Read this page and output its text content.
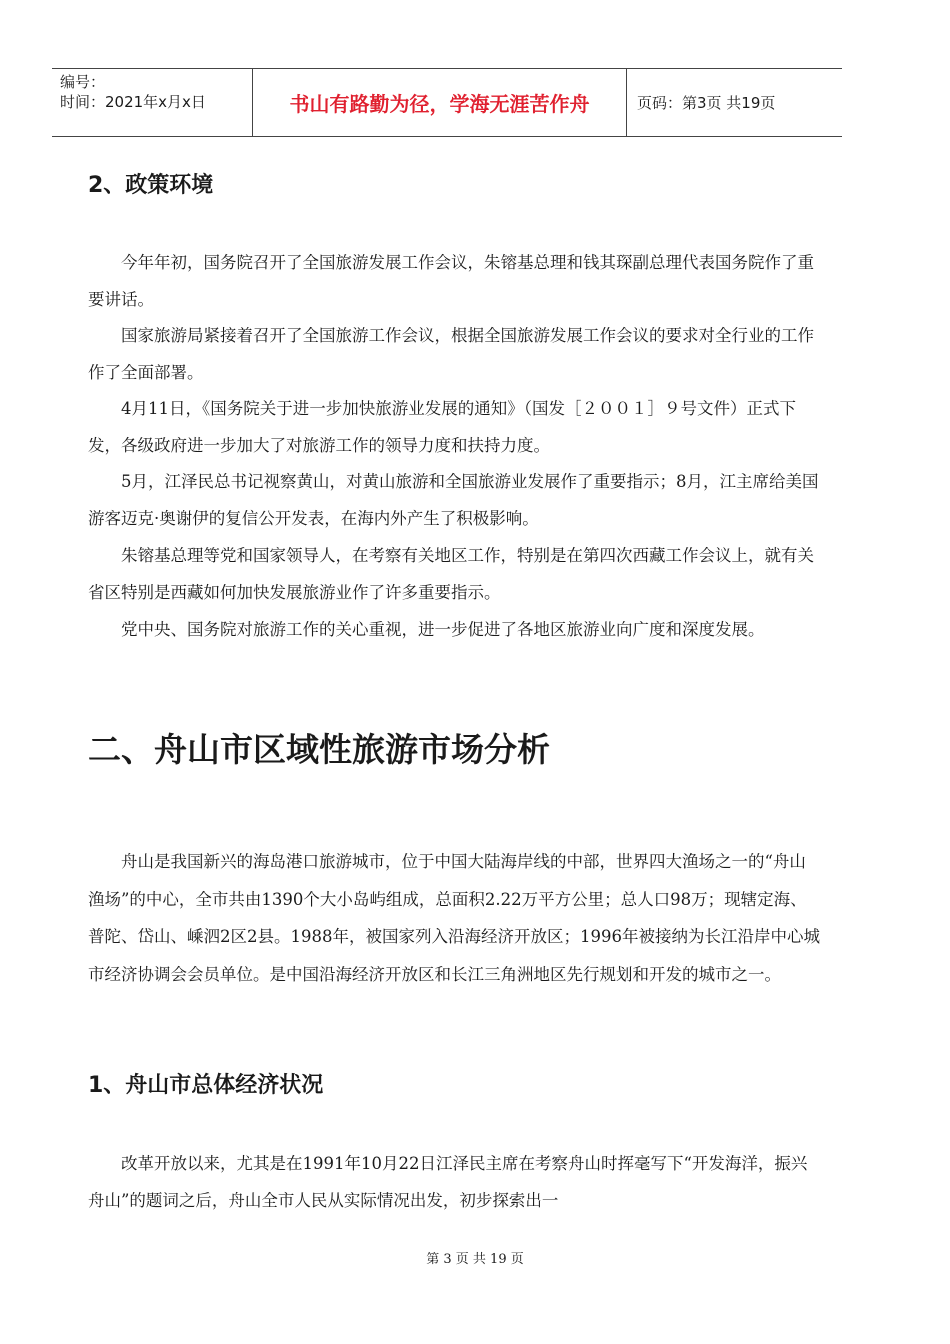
编号：
时间：2021年x月x日	书山有路勤为径，学海无涯苦作舟	页码：第3页 共19页
2、政策环境

今年年初，国务院召开了全国旅游发展工作会议，朱镕基总理和钱其琛副总理代表国务院作了重要讲话。

国家旅游局紧接着召开了全国旅游工作会议，根据全国旅游发展工作会议的要求对全行业的工作作了全面部署。

4月11日，《国务院关于进一步加快旅游业发展的通知》（国发［２００１］９号文件）正式下发，各级政府进一步加大了对旅游工作的领导力度和扶持力度。

5月，江泽民总书记视察黄山，对黄山旅游和全国旅游业发展作了重要指示；8月，江主席给美国游客迈克·奥谢伊的复信公开发表，在海内外产生了积极影响。

朱镕基总理等党和国家领导人，在考察有关地区工作，特别是在第四次西藏工作会议上，就有关省区特别是西藏如何加快发展旅游业作了许多重要指示。

党中央、国务院对旅游工作的关心重视，进一步促进了各地区旅游业向广度和深度发展。

二、舟山市区域性旅游市场分析

舟山是我国新兴的海岛港口旅游城市，位于中国大陆海岸线的中部，世界四大渔场之一的“舟山渔场”的中心，全市共由1390个大小岛屿组成，总面积2.22万平方公里；总人口98万；现辖定海、普陀、岱山、嵊泗2区2县。1988年，被国家列入沿海经济开放区；1996年被接纳为长江沿岸中心城市经济协调会会员单位。是中国沿海经济开放区和长江三角洲地区先行规划和开发的城市之一。

1、舟山市总体经济状况

改革开放以来，尤其是在1991年10月22日江泽民主席在考察舟山时挥毫写下“开发海洋，振兴舟山”的题词之后，舟山全市人民从实际情况出发，初步探索出一

第 3 页 共 19 页
